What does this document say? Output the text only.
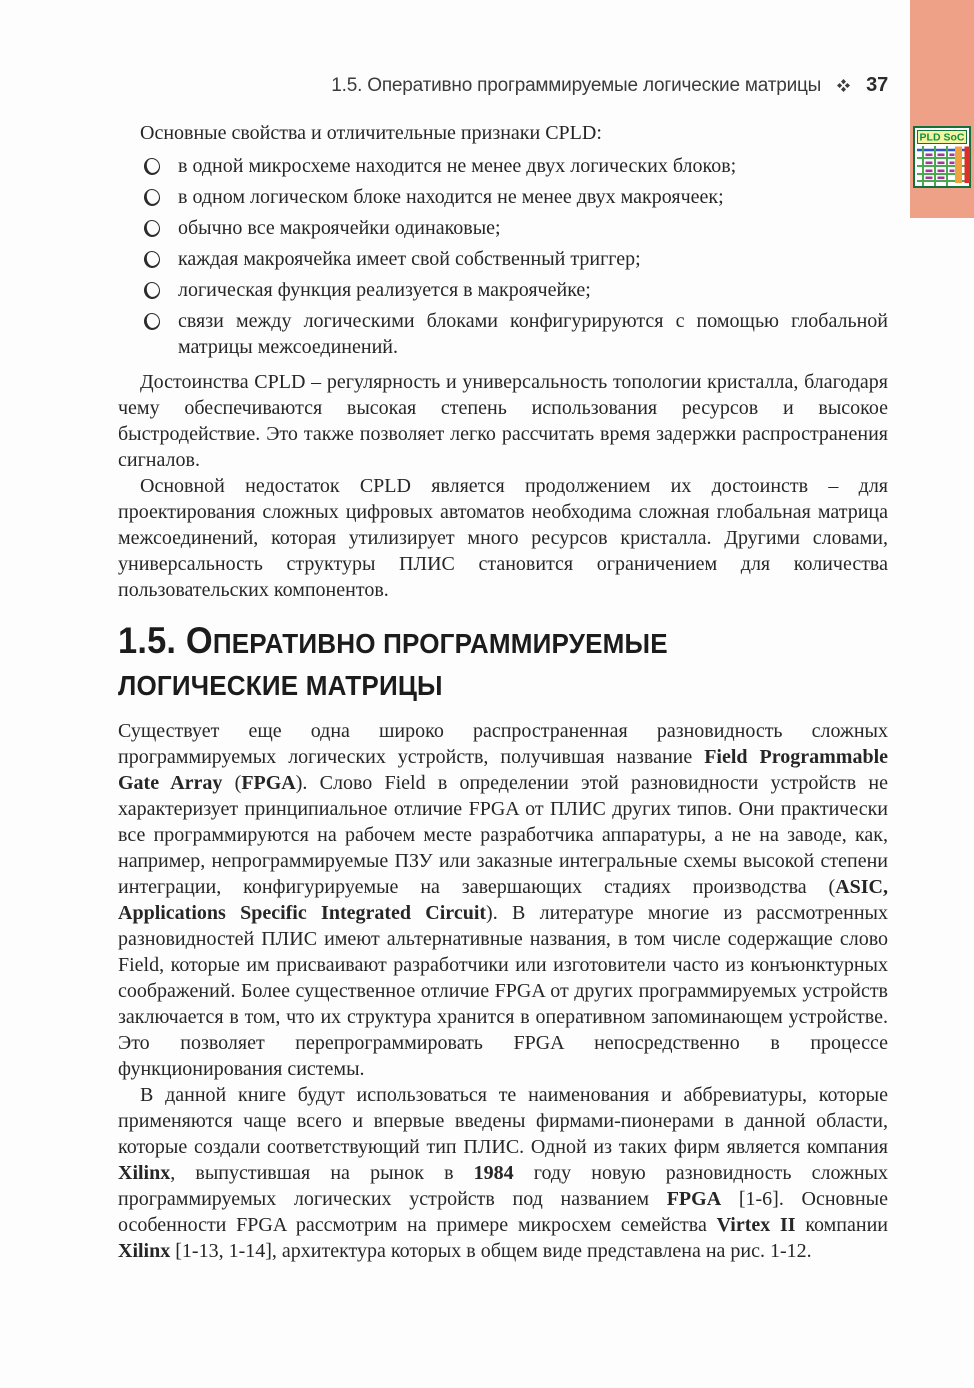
1.5. Оперативно программируемые логические матрицы 37
PLD SoC

Основные свойства и отличительные признаки CPLD:

в одной микросхеме находится не менее двух логических блоков;
в одном логическом блоке находится не менее двух макроячеек;
обычно все макроячейки одинаковые;
каждая макроячейка имеет свой собственный триггер;
логическая функция реализуется в макроячейке;
связи между логическими блоками конфигурируются с помощью глобальной матрицы межсоединений.

Достоинства CPLD – регулярность и универсальность топологии кристалла, благодаря чему обеспечиваются высокая степень использования ресурсов и высокое быстродействие. Это также позволяет легко рассчитать время задержки распространения сигналов.

Основной недостаток CPLD является продолжением их достоинств – для проектирования сложных цифровых автоматов необходима сложная глобальная матрица межсоединений, которая утилизирует много ресурсов кристалла. Другими словами, универсальность структуры ПЛИС становится ограничением для количества пользовательских компонентов.

1.5. ОПЕРАТИВНО ПРОГРАММИРУЕМЫЕ
ЛОГИЧЕСКИЕ МАТРИЦЫ

Существует еще одна широко распространенная разновидность сложных программируемых логических устройств, получившая название Field Programmable Gate Array (FPGA). Слово Field в определении этой разновидности устройств не характеризует принципиальное отличие FPGA от ПЛИС других типов. Они практически все программируются на рабочем месте разработчика аппаратуры, а не на заводе, как, например, непрограммируемые ПЗУ или заказные интегральные схемы высокой степени интеграции, конфигурируемые на завершающих стадиях производства (ASIC, Applications Specific Integrated Circuit). В литературе многие из рассмотренных разновидностей ПЛИС имеют альтернативные названия, в том числе содержащие слово Field, которые им присваивают разработчики или изготовители часто из конъюнктурных соображений. Более существенное отличие FPGA от других программируемых устройств заключается в том, что их структура хранится в оперативном запоминающем устройстве. Это позволяет перепрограммировать FPGA непосредственно в процессе функционирования системы.

В данной книге будут использоваться те наименования и аббревиатуры, которые применяются чаще всего и впервые введены фирмами-пионерами в данной области, которые создали соответствующий тип ПЛИС. Одной из таких фирм является компания Xilinx, выпустившая на рынок в 1984 году новую разновидность сложных программируемых логических устройств под названием FPGA [1-6]. Основные особенности FPGA рассмотрим на примере микросхем семейства Virtex II компании Xilinx [1-13, 1-14], архитектура которых в общем виде представлена на рис. 1-12.
